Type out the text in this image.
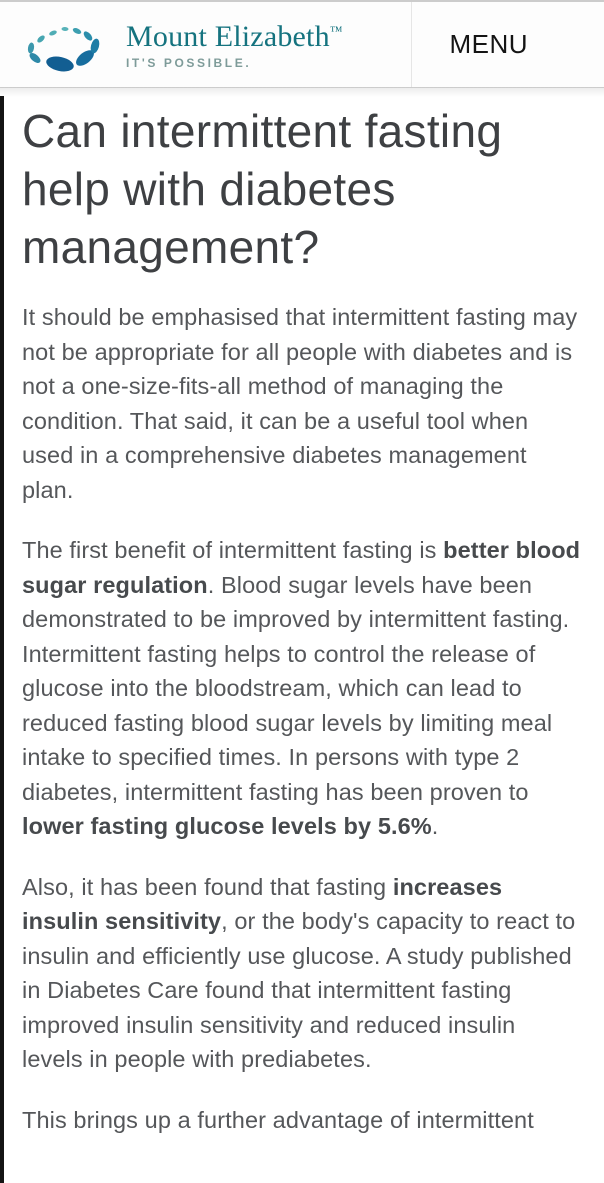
Mount Elizabeth™
IT'S POSSIBLE.
MENU
Can intermittent fasting help with diabetes management?

It should be emphasised that intermittent fasting may not be appropriate for all people with diabetes and is not a one-size-fits-all method of managing the condition. That said, it can be a useful tool when used in a comprehensive diabetes management plan.

The first benefit of intermittent fasting is better blood sugar regulation. Blood sugar levels have been demonstrated to be improved by intermittent fasting. Intermittent fasting helps to control the release of glucose into the bloodstream, which can lead to reduced fasting blood sugar levels by limiting meal intake to specified times. In persons with type 2 diabetes, intermittent fasting has been proven to lower fasting glucose levels by 5.6%.

Also, it has been found that fasting increases insulin sensitivity, or the body's capacity to react to insulin and efficiently use glucose. A study published in Diabetes Care found that intermittent fasting improved insulin sensitivity and reduced insulin levels in people with prediabetes.

This brings up a further advantage of intermittent
